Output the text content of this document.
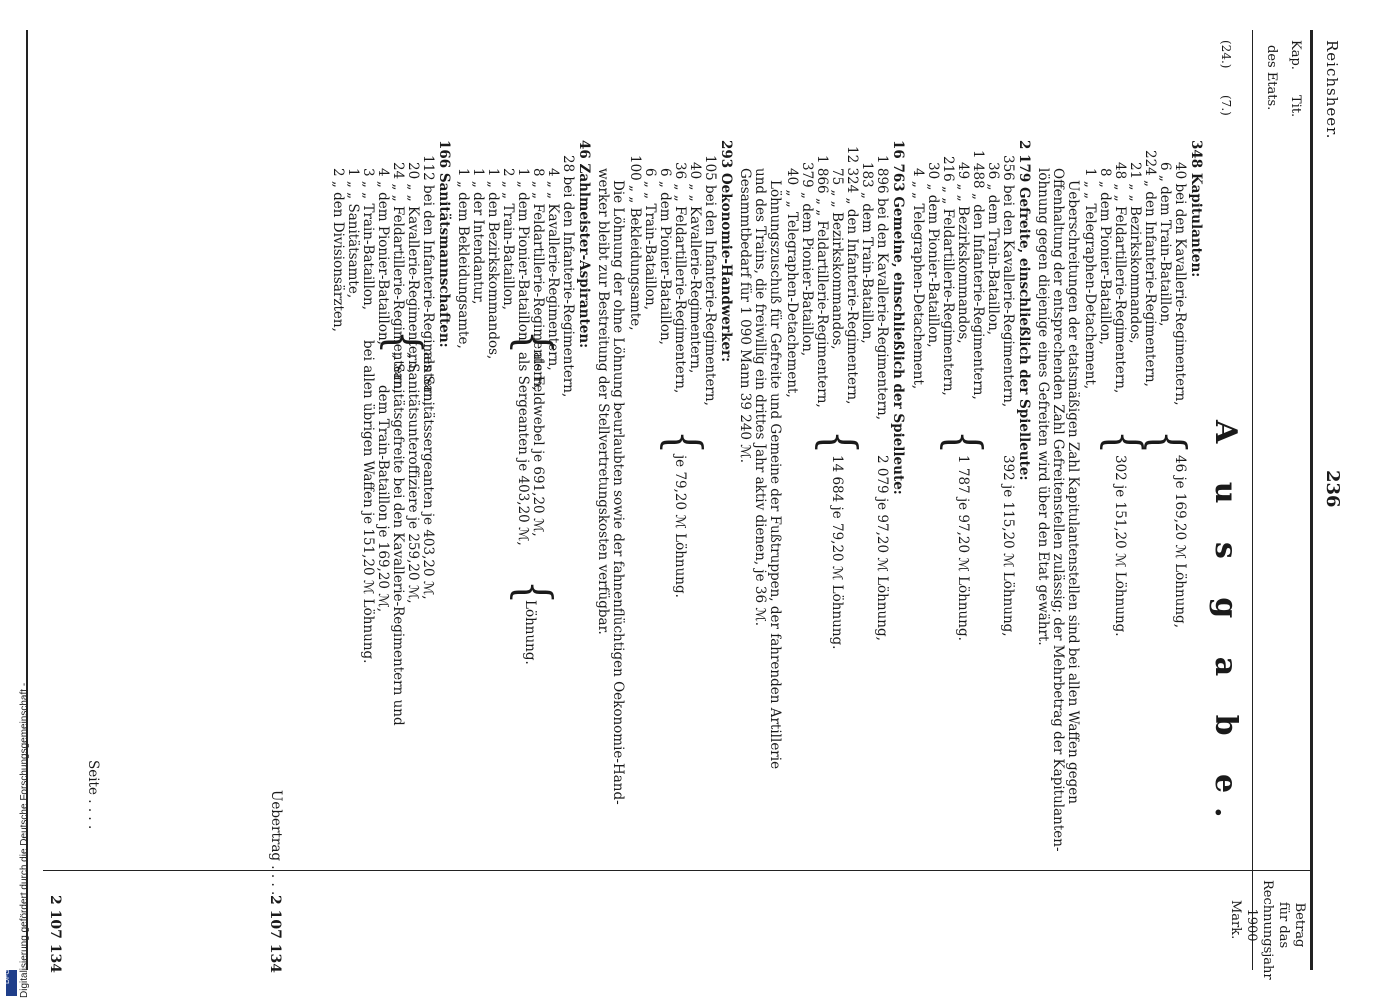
Reichsheer.
236
A u s g a b e.
Kap.
Tit.
des Etats.
Betrag
für das
Rechnungsjahr
1900
Mark.
(24.)
(7.)
Uebertrag . . . .
2 107 134
348 Kapitulanten:
40 bei den Kavallerie-Regimentern,
6 „ dem Train-Bataillon,
224 „ den Infanterie-Regimentern,
21 „ „ Bezirkskommandos,
48 „ „ Feldartillerie-Regimentern,
8 „ dem Pionier-Bataillon,
1 „ „ Telegraphen-Detachement,
{
46 je 169,20 ℳ Löhnung,
{
302 je 151,20 ℳ Löhnung.
Ueberschreitungen der etatsmäßigen Zahl Kapitulantenstellen sind bei allen Waffen gegen
Offenhaltung der entsprechenden Zahl Gefreitenstellen zulässig; der Mehrbetrag der Kapitulanten-
löhnung gegen diejenige eines Gefreiten wird über den Etat gewährt.
2 179 Gefreite, einschließlich der Spielleute:
356 bei den Kavallerie-Regimentern,
36 „ dem Train-Bataillon,
1 488 „ den Infanterie-Regimentern,
49 „ „ Bezirkskommandos,
216 „ „ Feldartillerie-Regimentern,
30 „ dem Pionier-Bataillon,
4 „ „ Telegraphen-Detachement,
392 je 115,20 ℳ Löhnung,
{
1 787 je 97,20 ℳ Löhnung.
16 763 Gemeine, einschließlich der Spielleute:
1 896 bei den Kavallerie-Regimentern,
183 „ dem Train-Bataillon,
12 324 „ den Infanterie-Regimentern,
75 „ „ Bezirkskommandos,
1 866 „ „ Feldartillerie-Regimentern,
379 „ dem Pionier-Bataillon,
40 „ „ Telegraphen-Detachement,
2 079 je 97,20 ℳ Löhnung,
{
14 684 je 79,20 ℳ Löhnung.
Löhnungszuschuß für Gefreite und Gemeine der Fußtruppen, der fahrenden Artillerie
und des Trains, die freiwillig ein drittes Jahr aktiv dienen, je 36 ℳ.
Gesammtbedarf für 1 090 Mann 39 240 ℳ.
293 Oekonomie-Handwerker:
105 bei den Infanterie-Regimentern,
40 „ „ Kavallerie-Regimentern,
36 „ „ Feldartillerie-Regimentern,
6 „ dem Pionier-Bataillon,
6 „ „ Train-Bataillon,
100 „ „ Bekleidungsamte,
{
je 79,20 ℳ Löhnung.
Die Löhnung der ohne Löhnung beurlaubten sowie der fahnenflüchtigen Oekonomie-Hand-
werker bleibt zur Bestreitung der Stellvertretungskosten verfügbar.
46 Zahlmeister-Aspiranten:
28 bei den Infanterie-Regimentern,
4 „ „ Kavallerie-Regimentern,
8 „ „ Feldartillerie-Regimentern,
1 „ dem Pionier-Bataillon,
2 „ „ Train-Bataillon,
1 „ den Bezirkskommandos,
1 „ der Intendantur,
1 „ dem Bekleidungsamte, {
als Feldwebel je 691,20 ℳ,
als Sergeanten je 403,20 ℳ,
{
Löhnung.
166 Sanitätsmannschaften:
112 bei den Infanterie-Regimentern,
20 „ „ Kavallerie-Regimentern,
24 „ „ Feldartillerie-Regimentern,
4 „ dem Pionier-Bataillon,
3 „ „ Train-Bataillon,
1 „ „ Sanitätsamte,
2 „ den Divisionsärzten,
{
als Sanitätssergeanten je 403,20 ℳ,
„ Sanitätsunteroffiziere je 259,20 ℳ,
„ Sanitätsgefreite bei den Kavallerie-Regimentern und
dem Train-Bataillon je 169,20 ℳ,
bei allen übrigen Waffen je 151,20 ℳ Löhnung.
Seite . . . .
2 107 134
Digitalisierung gefördert durch die Deutsche Forschungsgemeinschaft -
DFG
